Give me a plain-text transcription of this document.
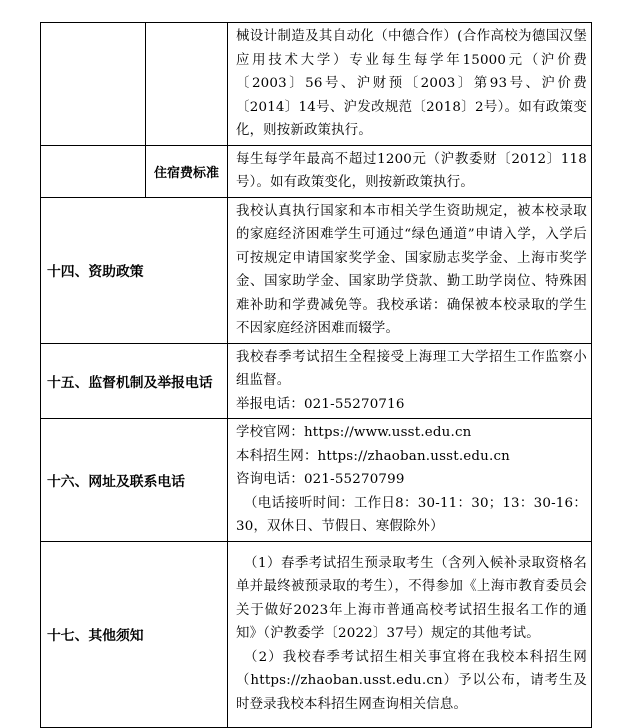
		械设计制造及其自动化（中德合作）(合作高校为德国汉堡应用技术大学）专业每生每学年15000元（沪价费〔2003〕56号、沪财预〔2003〕第93号、沪价费〔2014〕14号、沪发改规范〔2018〕2号）。如有政策变化，则按新政策执行。

	住宿费标准	每生每学年最高不超过1200元（沪教委财〔2012〕118号）。如有政策变化，则按新政策执行。

十四、资助政策		我校认真执行国家和本市相关学生资助规定，被本校录取的家庭经济困难学生可通过“绿色通道”申请入学，入学后可按规定申请国家奖学金、国家励志奖学金、上海市奖学金、国家助学金、国家助学贷款、勤工助学岗位、特殊困难补助和学费减免等。我校承诺：确保被本校录取的学生不因家庭经济困难而辍学。

十五、监督机制及举报电话		我校春季考试招生全程接受上海理工大学招生工作监察小组监督。

举报电话：021-55270716

十六、网址及联系电话		学校官网：https://www.usst.edu.cn

本科招生网：https://zhaoban.usst.edu.cn

咨询电话：021-55270799

（电话接听时间：工作日8：30-11：30；13：30-16：30，双休日、节假日、寒假除外）

十七、其他须知		（1）春季考试招生预录取考生（含列入候补录取资格名单并最终被预录取的考生），不得参加《上海市教育委员会关于做好2023年上海市普通高校考试招生报名工作的通知》（沪教委学〔2022〕37号）规定的其他考试。

（2）我校春季考试招生相关事宜将在我校本科招生网（https://zhaoban.usst.edu.cn）予以公布，请考生及时登录我校本科招生网查询相关信息。
